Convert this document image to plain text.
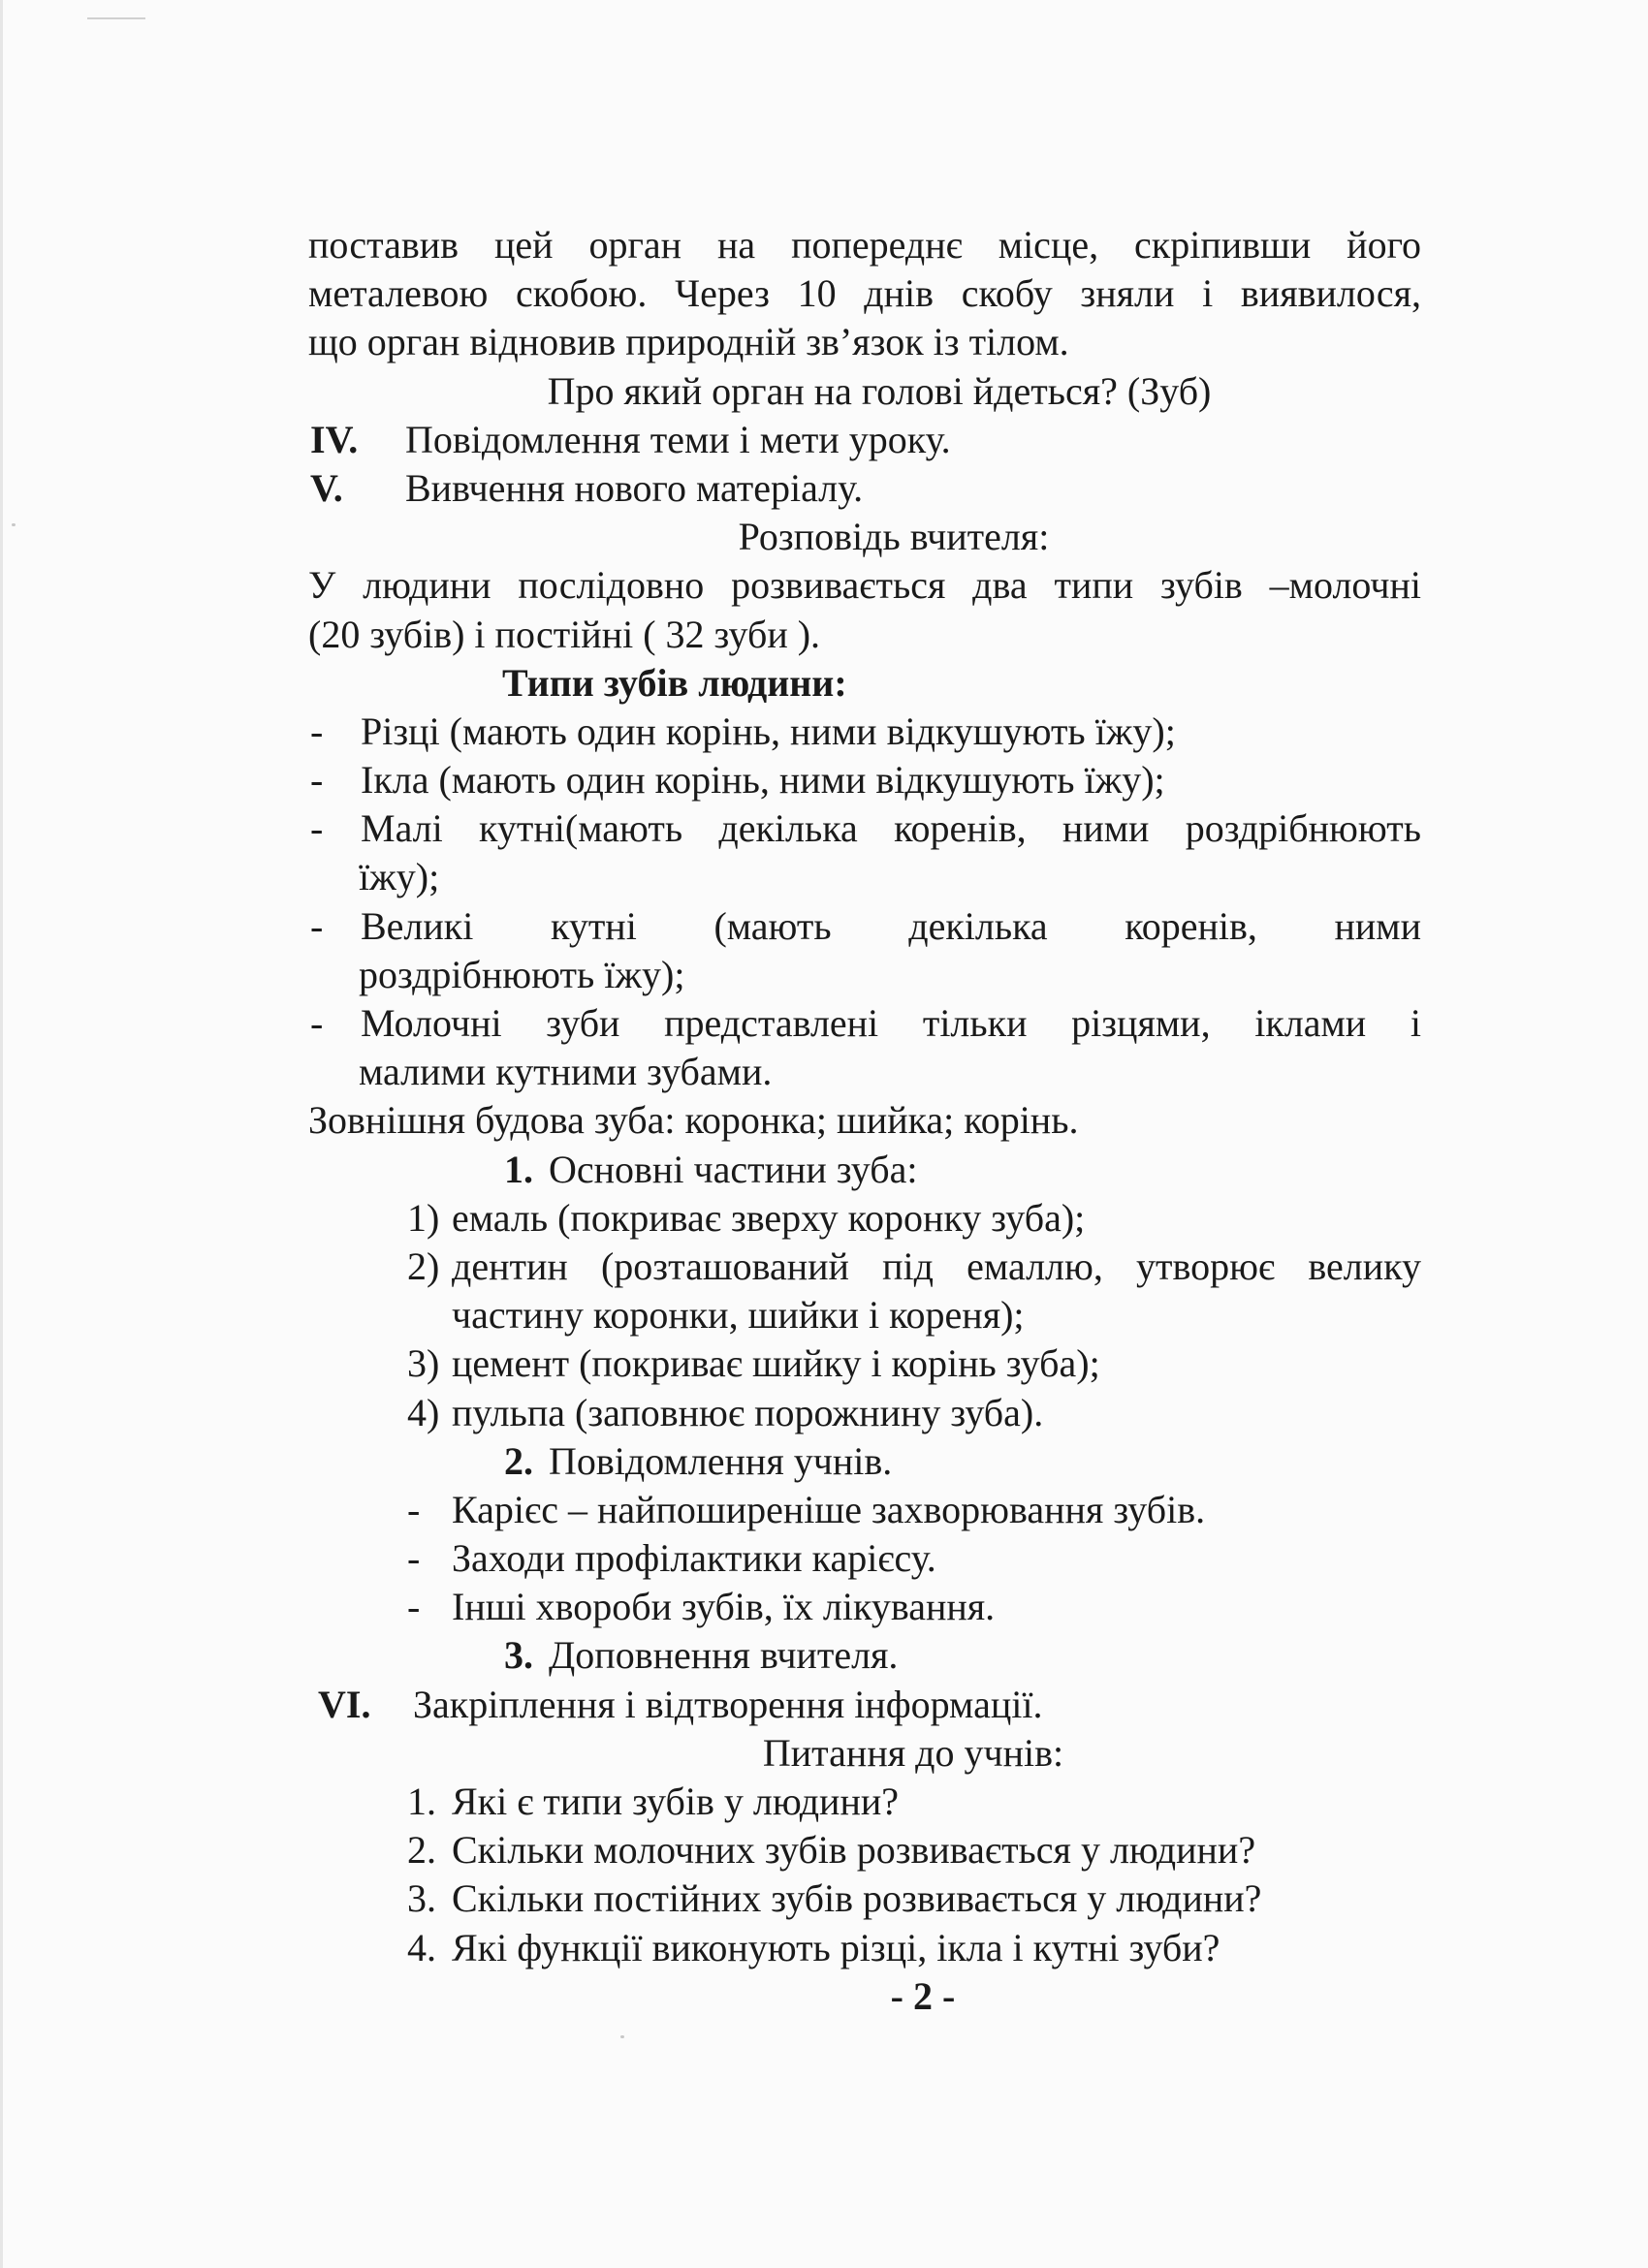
поставив цей орган на попереднє місце, скріпивши його
металевою скобою. Через 10 днів скобу зняли і виявилося,
що орган відновив природній зв’язок із тілом.
Про який орган на голові йдеться? (Зуб)
IV.	Повідомлення теми і мети уроку.
V.	Вивчення нового матеріалу.
Розповідь вчителя:
У людини послідовно розвивається два типи зубів –молочні
(20 зубів) і постійні ( 32 зуби ).
Типи зубів людини:
- Різці (мають один корінь, ними відкушують їжу);
- Ікла (мають один корінь, ними відкушують їжу);
- Малі кутні(мають декілька коренів, ними роздрібнюють
їжу);
- Великі кутні (мають декілька коренів, ними
роздрібнюють їжу);
- Молочні зуби представлені тільки різцями, іклами і
малими кутними зубами.
Зовнішня будова зуба: коронка; шийка; корінь.
1. Основні частини зуба:
1) емаль (покриває зверху коронку зуба);
2) дентин (розташований під емаллю, утворює велику
частину коронки, шийки і кореня);
3) цемент (покриває шийку і корінь зуба);
4) пульпа (заповнює порожнину зуба).
2. Повідомлення учнів.
- Карієс – найпоширеніше захворювання зубів.
- Заходи профілактики карієсу.
- Інші хвороби зубів, їх лікування.
3. Доповнення вчителя.
VI.	Закріплення і відтворення інформації.
Питання до учнів:
1. Які є типи зубів у людини?
2. Скільки молочних зубів розвивається у людини?
3. Скільки постійних зубів розвивається у людини?
4. Які функції виконують різці, ікла і кутні зуби?
- 2 -
